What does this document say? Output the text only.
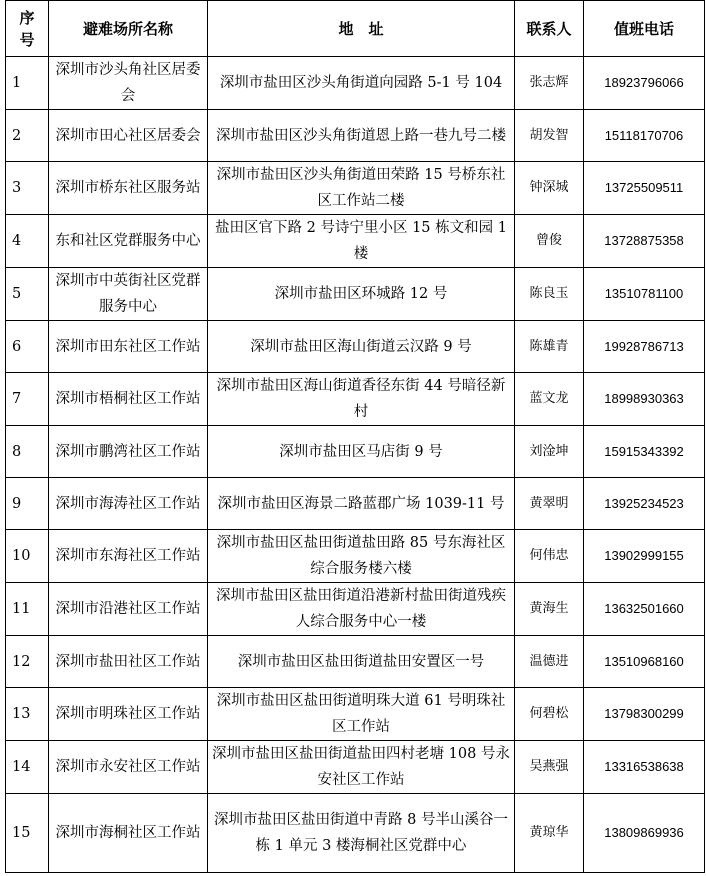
序号	避难场所名称	地　址	联系人	值班电话
1	深圳市沙头角社区居委会	深圳市盐田区沙头角街道向园路 5-1 号 104	张志辉	18923796066
2	深圳市田心社区居委会	深圳市盐田区沙头角街道恩上路一巷九号二楼	胡发智	15118170706
3	深圳市桥东社区服务站	深圳市盐田区沙头角街道田荣路 15 号桥东社区工作站二楼	钟深城	13725509511
4	东和社区党群服务中心	盐田区官下路 2 号诗宁里小区 15 栋文和园 1 楼	曾俊	13728875358
5	深圳市中英街社区党群服务中心	深圳市盐田区环城路 12 号	陈良玉	13510781100
6	深圳市田东社区工作站	深圳市盐田区海山街道云汉路 9 号	陈雄青	19928786713
7	深圳市梧桐社区工作站	深圳市盐田区海山街道香径东街 44 号暗径新村	蓝文龙	18998930363
8	深圳市鹏湾社区工作站	深圳市盐田区马店街 9 号	刘淦坤	15915343392
9	深圳市海涛社区工作站	深圳市盐田区海景二路蓝郡广场 1039-11 号	黄翠明	13925234523
10	深圳市东海社区工作站	深圳市盐田区盐田街道盐田路 85 号东海社区综合服务楼六楼	何伟忠	13902999155
11	深圳市沿港社区工作站	深圳市盐田区盐田街道沿港新村盐田街道残疾人综合服务中心一楼	黄海生	13632501660
12	深圳市盐田社区工作站	深圳市盐田区盐田街道盐田安置区一号	温德进	13510968160
13	深圳市明珠社区工作站	深圳市盐田区盐田街道明珠大道 61 号明珠社区工作站	何碧松	13798300299
14	深圳市永安社区工作站	深圳市盐田区盐田街道盐田四村老塘 108 号永安社区工作站	吴燕强	13316538638
15	深圳市海桐社区工作站	深圳市盐田区盐田街道中青路 8 号半山溪谷一栋 1 单元 3 楼海桐社区党群中心	黄琼华	13809869936
